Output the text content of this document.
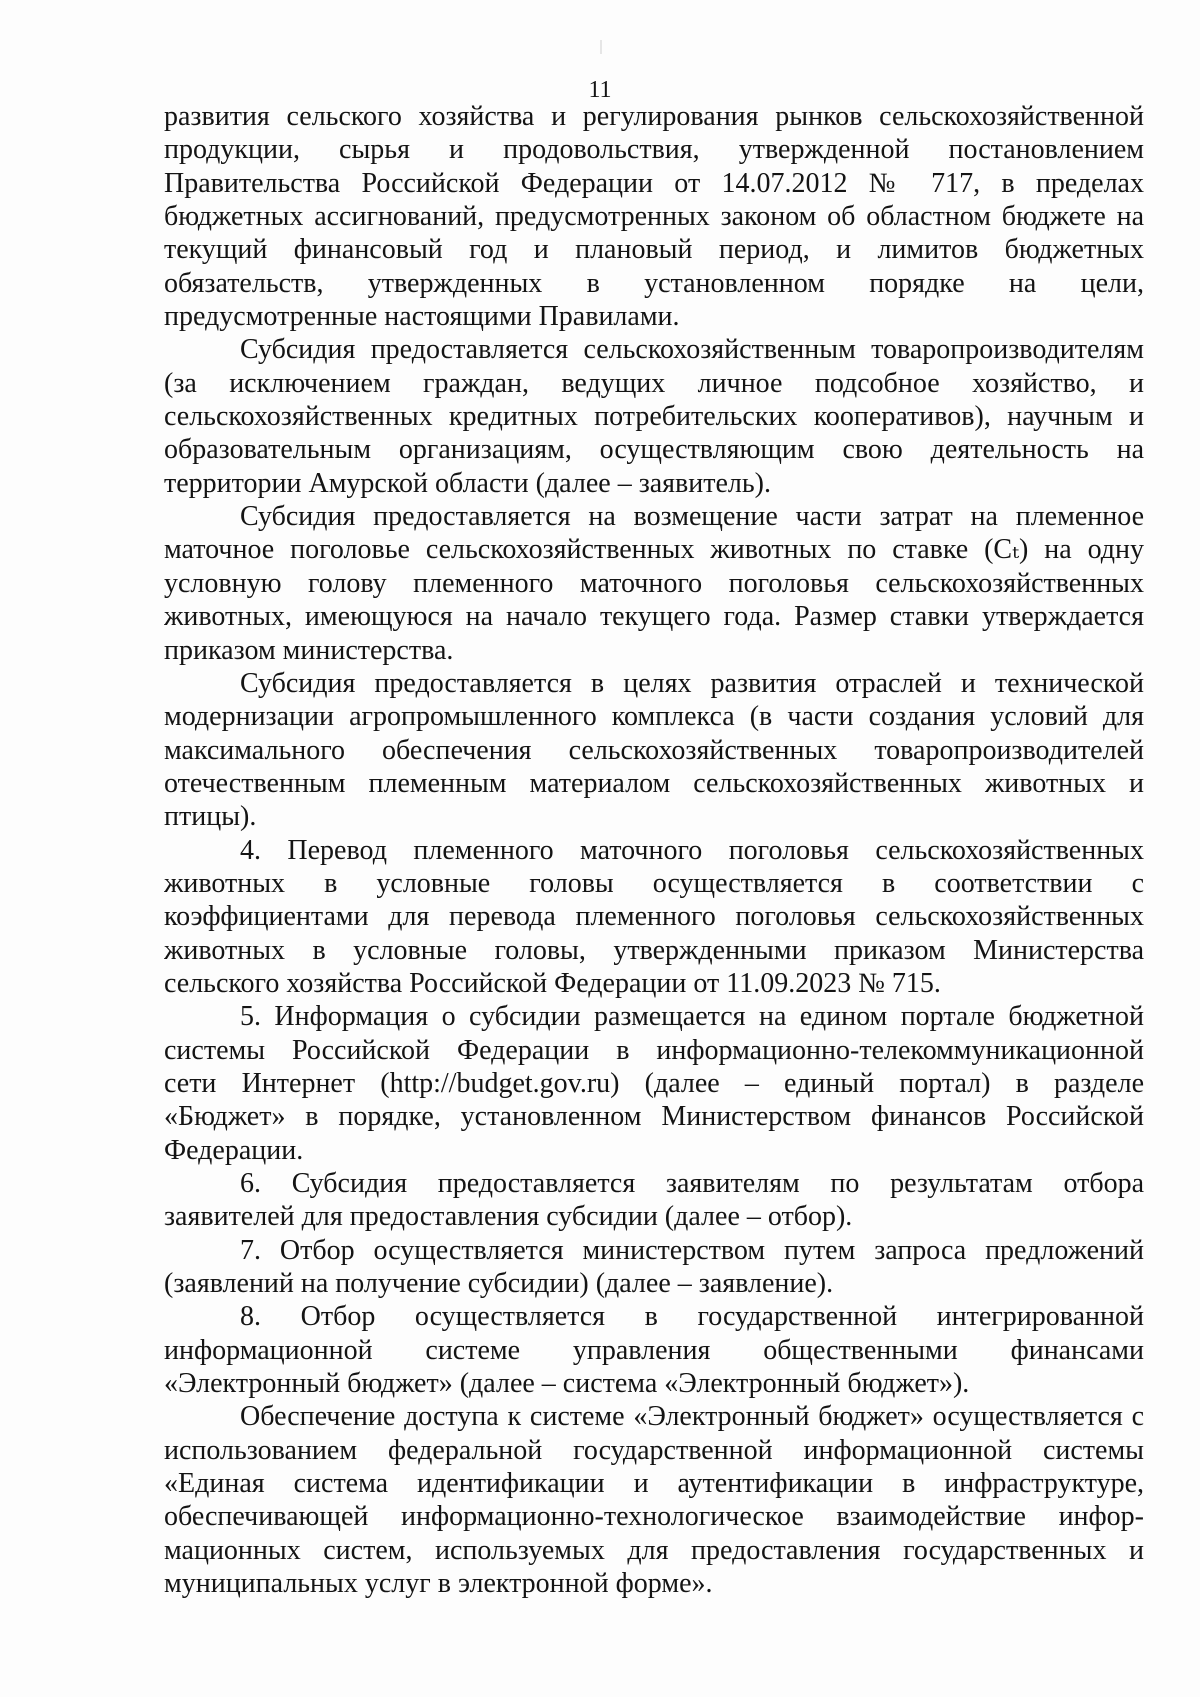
11
развития сельского хозяйства и регулирования рынков сельскохозяйственной
продукции, сырья и продовольствия, утвержденной постановлением
Правительства Российской Федерации от 14.07.2012 № 717, в пределах
бюджетных ассигнований, предусмотренных законом об областном бюджете на
текущий финансовый год и плановый период, и лимитов бюджетных
обязательств, утвержденных в установленном порядке на цели,
предусмотренные настоящими Правилами.
Субсидия предоставляется сельскохозяйственным товаропроизводителям
(за исключением граждан, ведущих личное подсобное хозяйство, и
сельскохозяйственных кредитных потребительских кооперативов), научным и
образовательным организациям, осуществляющим свою деятельность на
территории Амурской области (далее – заявитель).
Субсидия предоставляется на возмещение части затрат на племенное
маточное поголовье сельскохозяйственных животных по ставке (Cₜ) на одну
условную голову племенного маточного поголовья сельскохозяйственных
животных, имеющуюся на начало текущего года. Размер ставки утверждается
приказом министерства.
Субсидия предоставляется в целях развития отраслей и технической
модернизации агропромышленного комплекса (в части создания условий для
максимального обеспечения сельскохозяйственных товаропроизводителей
отечественным племенным материалом сельскохозяйственных животных и
птицы).
4. Перевод племенного маточного поголовья сельскохозяйственных
животных в условные головы осуществляется в соответствии с
коэффициентами для перевода племенного поголовья сельскохозяйственных
животных в условные головы, утвержденными приказом Министерства
сельского хозяйства Российской Федерации от 11.09.2023 № 715.
5. Информация о субсидии размещается на едином портале бюджетной
системы Российской Федерации в информационно-телекоммуникационной
сети Интернет (http://budget.gov.ru) (далее – единый портал) в разделе
«Бюджет» в порядке, установленном Министерством финансов Российской
Федерации.
6. Субсидия предоставляется заявителям по результатам отбора
заявителей для предоставления субсидии (далее – отбор).
7. Отбор осуществляется министерством путем запроса предложений
(заявлений на получение субсидии) (далее – заявление).
8. Отбор осуществляется в государственной интегрированной
информационной системе управления общественными финансами
«Электронный бюджет» (далее – система «Электронный бюджет»).
Обеспечение доступа к системе «Электронный бюджет» осуществляется с
использованием федеральной государственной информационной системы
«Единая система идентификации и аутентификации в инфраструктуре,
обеспечивающей информационно-технологическое взаимодействие инфор-
мационных систем, используемых для предоставления государственных и
муниципальных услуг в электронной форме».
